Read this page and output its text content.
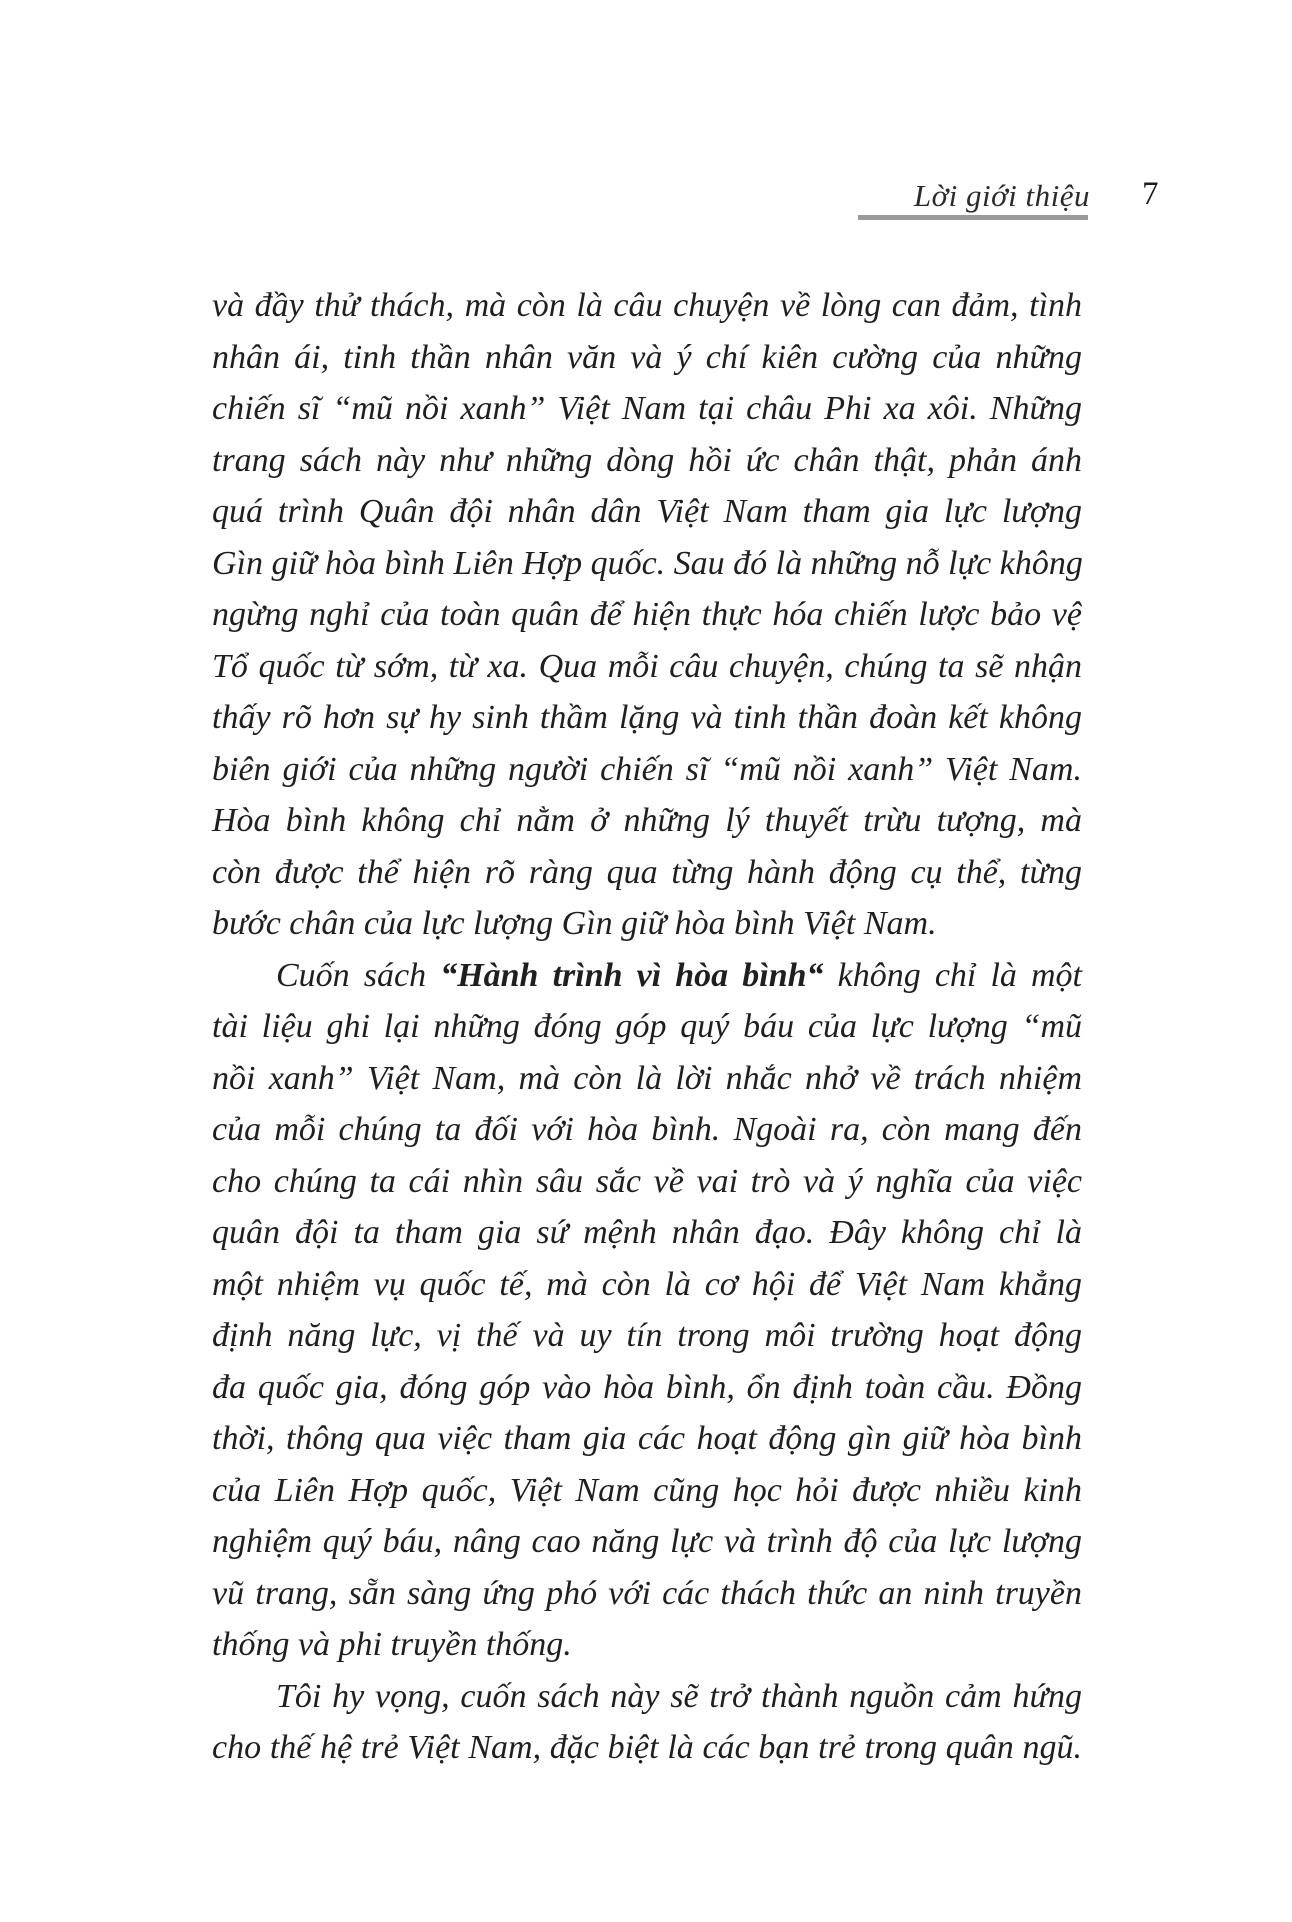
Lời giới thiệu 7

và đầy thử thách, mà còn là câu chuyện về lòng can đảm, tình
nhân ái, tinh thần nhân văn và ý chí kiên cường của những
chiến sĩ “mũ nồi xanh” Việt Nam tại châu Phi xa xôi. Những
trang sách này như những dòng hồi ức chân thật, phản ánh
quá trình Quân đội nhân dân Việt Nam tham gia lực lượng
Gìn giữ hòa bình Liên Hợp quốc. Sau đó là những nỗ lực không
ngừng nghỉ của toàn quân để hiện thực hóa chiến lược bảo vệ
Tổ quốc từ sớm, từ xa. Qua mỗi câu chuyện, chúng ta sẽ nhận
thấy rõ hơn sự hy sinh thầm lặng và tinh thần đoàn kết không
biên giới của những người chiến sĩ “mũ nồi xanh” Việt Nam.
Hòa bình không chỉ nằm ở những lý thuyết trừu tượng, mà
còn được thể hiện rõ ràng qua từng hành động cụ thể, từng
bước chân của lực lượng Gìn giữ hòa bình Việt Nam.

Cuốn sách “Hành trình vì hòa bình“ không chỉ là một
tài liệu ghi lại những đóng góp quý báu của lực lượng “mũ
nồi xanh” Việt Nam, mà còn là lời nhắc nhở về trách nhiệm
của mỗi chúng ta đối với hòa bình. Ngoài ra, còn mang đến
cho chúng ta cái nhìn sâu sắc về vai trò và ý nghĩa của việc
quân đội ta tham gia sứ mệnh nhân đạo. Đây không chỉ là
một nhiệm vụ quốc tế, mà còn là cơ hội để Việt Nam khẳng
định năng lực, vị thế và uy tín trong môi trường hoạt động
đa quốc gia, đóng góp vào hòa bình, ổn định toàn cầu. Đồng
thời, thông qua việc tham gia các hoạt động gìn giữ hòa bình
của Liên Hợp quốc, Việt Nam cũng học hỏi được nhiều kinh
nghiệm quý báu, nâng cao năng lực và trình độ của lực lượng
vũ trang, sẵn sàng ứng phó với các thách thức an ninh truyền
thống và phi truyền thống.

Tôi hy vọng, cuốn sách này sẽ trở thành nguồn cảm hứng
cho thế hệ trẻ Việt Nam, đặc biệt là các bạn trẻ trong quân ngũ.
